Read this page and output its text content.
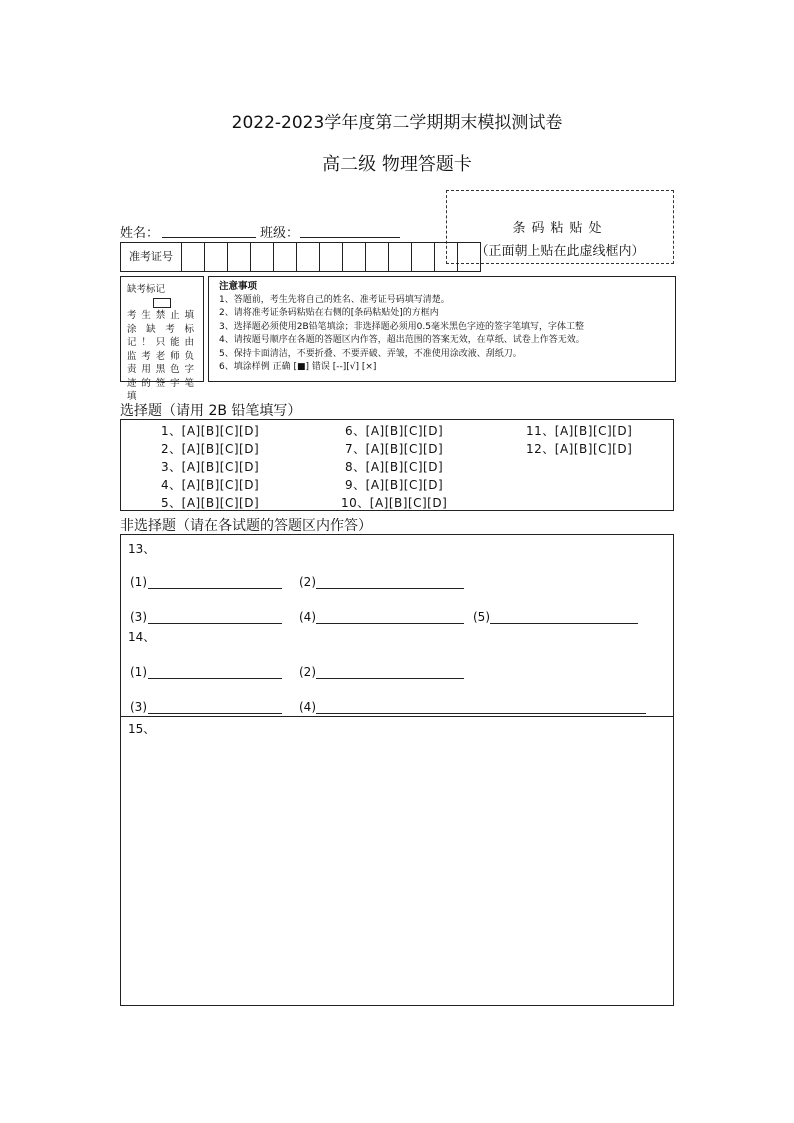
2022-2023学年度第二学期期末模拟测试卷
高二级 物理答题卡
条码粘贴处
（正面朝上贴在此虚线框内）
姓名：	班级：
准考证号
缺考标记
考生禁止填涂缺考标记！只能由监考老师负责用黑色字迹的签字笔填
注意事项
1、答题前，考生先将自己的姓名、准考证号码填写清楚。
2、请将准考证条码粘贴在右侧的[条码粘贴处]的方框内
3、选择题必须使用2B铅笔填涂；非选择题必须用0.5毫米黑色字迹的签字笔填写，字体工整
4、请按题号顺序在各题的答题区内作答，超出范围的答案无效，在草纸、试卷上作答无效。
5、保持卡面清洁，不要折叠、不要弄破、弄皱，不准使用涂改液、刮纸刀。
6、填涂样例 正确 [■] 错误 [--][√] [×]
选择题（请用 2B 铅笔填写）
1、[A][B][C][D]
2、[A][B][C][D]
3、[A][B][C][D]
4、[A][B][C][D]
5、[A][B][C][D]
6、[A][B][C][D]
7、[A][B][C][D]
8、[A][B][C][D]
9、[A][B][C][D]
10、[A][B][C][D]
11、[A][B][C][D]
12、[A][B][C][D]
非选择题（请在各试题的答题区内作答）
13、
(1)	(2)
(3)	(4)	(5)
14、
(1)	(2)
(3)	(4)
15、
